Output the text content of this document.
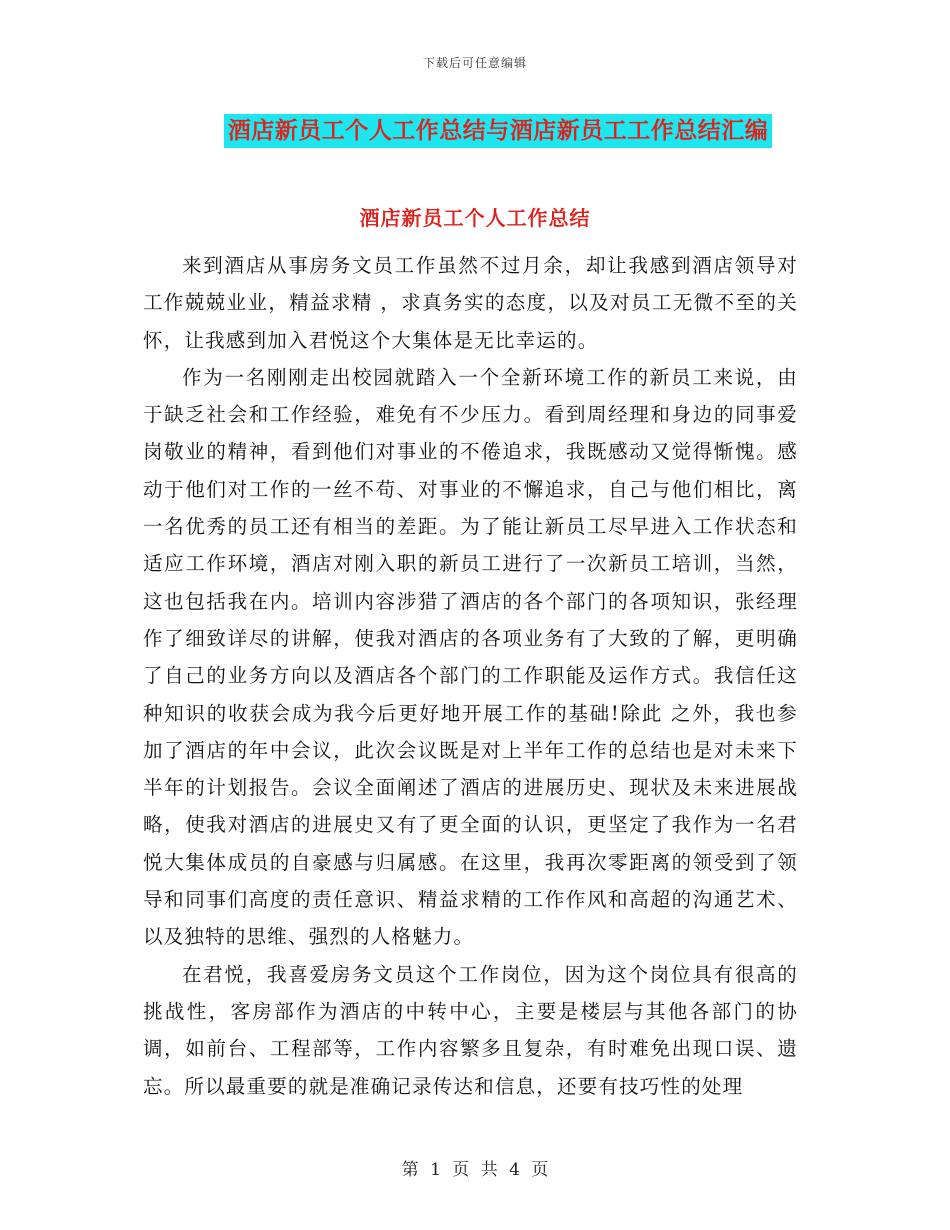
下载后可任意编辑
酒店新员工个人工作总结与酒店新员工工作总结汇编
酒店新员工个人工作总结

来到酒店从事房务文员工作虽然不过月余，却让我感到酒店领导对工作兢兢业业，精益求精 ，求真务实的态度，以及对员工无微不至的关怀，让我感到加入君悦这个大集体是无比幸运的。

作为一名刚刚走出校园就踏入一个全新环境工作的新员工来说，由于缺乏社会和工作经验，难免有不少压力。看到周经理和身边的同事爱岗敬业的精神，看到他们对事业的不倦追求，我既感动又觉得惭愧。感动于他们对工作的一丝不苟、对事业的不懈追求，自己与他们相比，离一名优秀的员工还有相当的差距。为了能让新员工尽早进入工作状态和适应工作环境，酒店对刚入职的新员工进行了一次新员工培训，当然，这也包括我在内。培训内容涉猎了酒店的各个部门的各项知识，张经理作了细致详尽的讲解，使我对酒店的各项业务有了大致的了解，更明确了自己的业务方向以及酒店各个部门的工作职能及运作方式。我信任这种知识的收获会成为我今后更好地开展工作的基础!除此 之外，我也参加了酒店的年中会议，此次会议既是对上半年工作的总结也是对未来下半年的计划报告。会议全面阐述了酒店的进展历史、现状及未来进展战略，使我对酒店的进展史又有了更全面的认识，更坚定了我作为一名君悦大集体成员的自豪感与归属感。在这里，我再次零距离的领受到了领导和同事们高度的责任意识、精益求精的工作作风和高超的沟通艺术、以及独特的思维、强烈的人格魅力。

在君悦，我喜爱房务文员这个工作岗位，因为这个岗位具有很高的挑战性，客房部作为酒店的中转中心，主要是楼层与其他各部门的协调，如前台、工程部等，工作内容繁多且复杂，有时难免出现口误、遗忘。所以最重要的就是准确记录传达和信息，还要有技巧性的处理

第 1 页 共 4 页
